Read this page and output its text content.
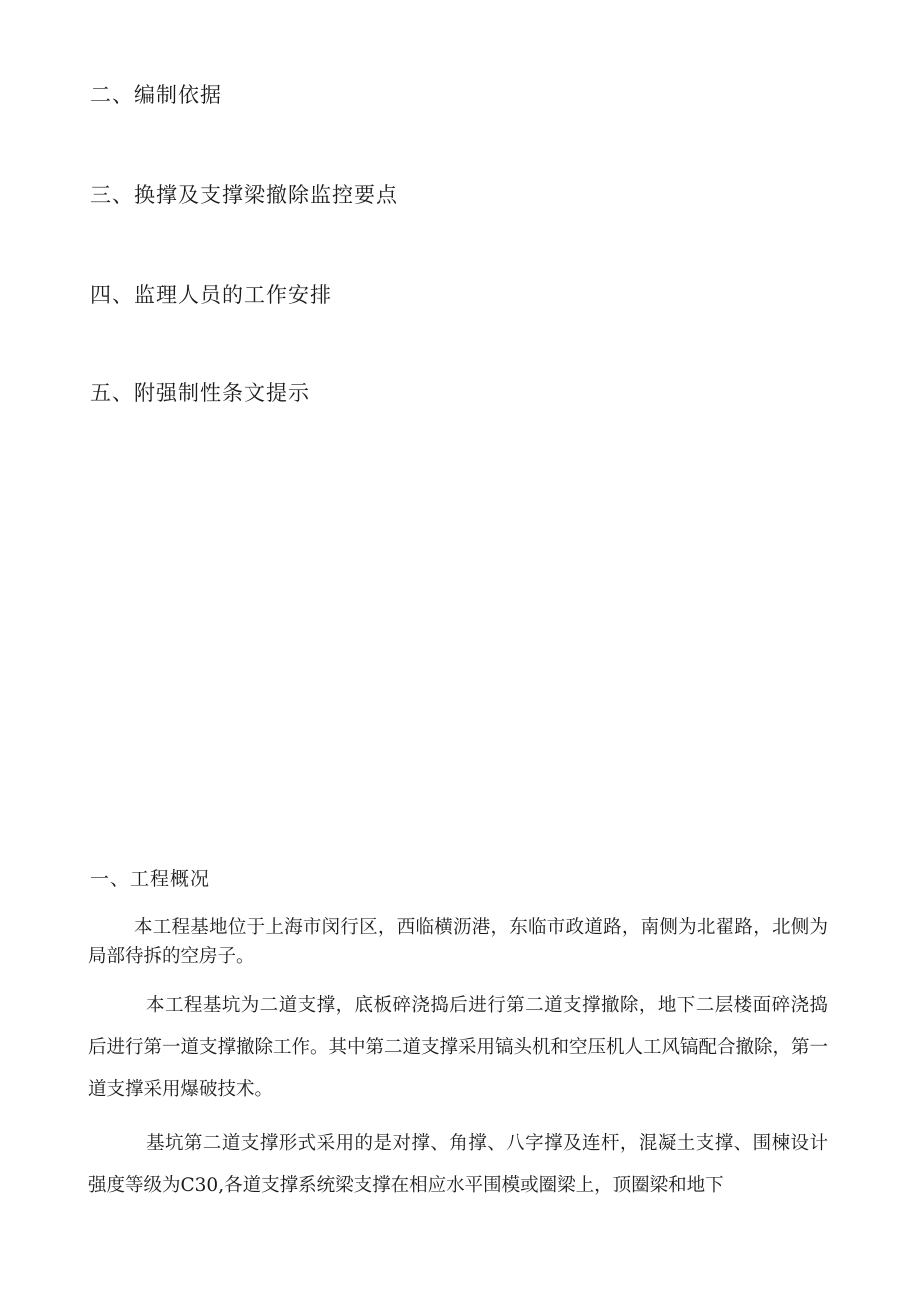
二、编制依据
三、换撑及支撑梁撤除监控要点
四、监理人员的工作安排
五、附强制性条文提示
一、工程概况

本工程基地位于上海市闵行区，西临横沥港，东临市政道路，南侧为北翟路，北侧为局部待拆的空房子。

本工程基坑为二道支撑，底板碎浇捣后进行第二道支撑撤除，地下二层楼面碎浇捣后进行第一道支撑撤除工作。其中第二道支撑采用镐头机和空压机人工风镐配合撤除，第一道支撑采用爆破技术。

基坑第二道支撑形式采用的是对撑、角撑、八字撑及连杆，混凝土支撑、围楝设计强度等级为C30,各道支撑系统梁支撑在相应水平围模或圈梁上，顶圈梁和地下
